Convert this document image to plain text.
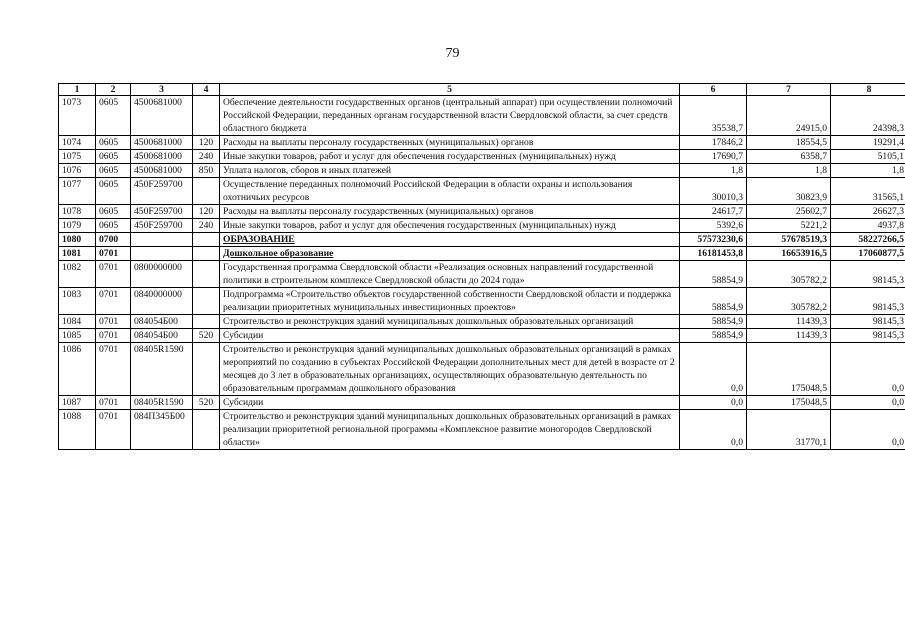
79
1	2	3	4	5	6	7	8
1073	0605	4500681000		Обеспечение деятельности государственных органов (центральный аппарат) при осуществлении полномочий Российской Федерации, переданных органам государственной власти Свердловской области, за счет средств областного бюджета	35538,7	24915,0	24398,3
1074	0605	4500681000	120	Расходы на выплаты персоналу государственных (муниципальных) органов	17846,2	18554,5	19291,4
1075	0605	4500681000	240	Иные закупки товаров, работ и услуг для обеспечения государственных (муниципальных) нужд	17690,7	6358,7	5105,1
1076	0605	4500681000	850	Уплата налогов, сборов и иных платежей	1,8	1,8	1,8
1077	0605	450F259700		Осуществление переданных полномочий Российской Федерации в области охраны и использования охотничьих ресурсов	30010,3	30823,9	31565,1
1078	0605	450F259700	120	Расходы на выплаты персоналу государственных (муниципальных) органов	24617,7	25602,7	26627,3
1079	0605	450F259700	240	Иные закупки товаров, работ и услуг для обеспечения государственных (муниципальных) нужд	5392,6	5221,2	4937,8
1080	0700			ОБРАЗОВАНИЕ	57573230,6	57678519,3	58227266,5
1081	0701			Дошкольное образование	16181453,8	16653916,5	17060877,5
1082	0701	0800000000		Государственная программа Свердловской области «Реализация основных направлений государственной политики в строительном комплексе Свердловской области до 2024 года»	58854,9	305782,2	98145,3
1083	0701	0840000000		Подпрограмма «Строительство объектов государственной собственности Свердловской области и поддержка реализации приоритетных муниципальных инвестиционных проектов»	58854,9	305782,2	98145,3
1084	0701	084054Б00		Строительство и реконструкция зданий муниципальных дошкольных образовательных организаций	58854,9	11439,3	98145,3
1085	0701	084054Б00	520	Субсидии	58854,9	11439,3	98145,3
1086	0701	08405R1590		Строительство и реконструкция зданий муниципальных дошкольных образовательных организаций в рамках мероприятий по созданию в субъектах Российской Федерации дополнительных мест для детей в возрасте от 2 месяцев до 3 лет в образовательных организациях, осуществляющих образовательную деятельность по образовательным программам дошкольного образования	0,0	175048,5	0,0
1087	0701	08405R1590	520	Субсидии	0,0	175048,5	0,0
1088	0701	084П345Б00		Строительство и реконструкция зданий муниципальных дошкольных образовательных организаций в рамках реализации приоритетной региональной программы «Комплексное развитие моногородов Свердловской области»	0,0	31770,1	0,0
